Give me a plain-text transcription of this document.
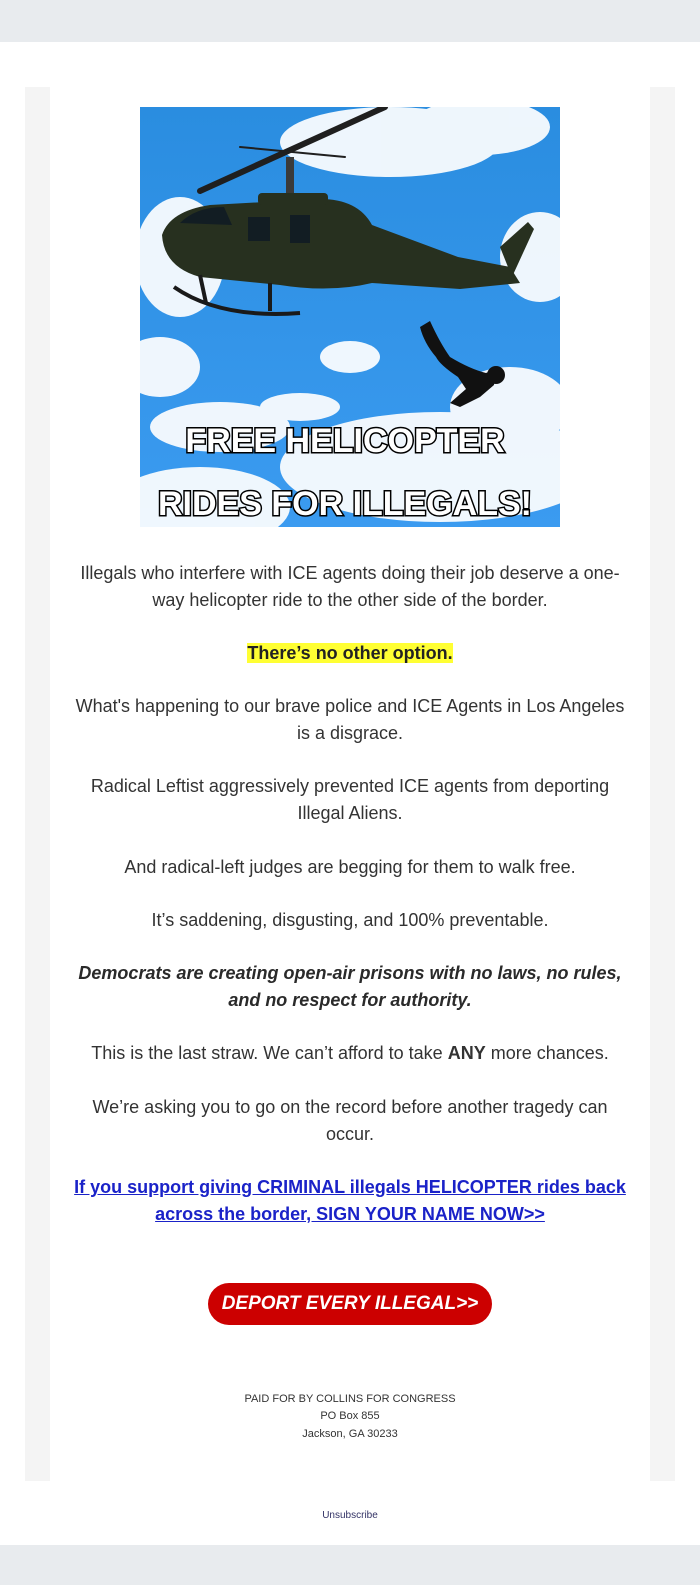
FREE HELICOPTER
RIDES FOR ILLEGALS!
Illegals who interfere with ICE agents doing their job deserve a one-way helicopter ride to the other side of the border.
There’s no other option.
What's happening to our brave police and ICE Agents in Los Angeles is a disgrace.
Radical Leftist aggressively prevented ICE agents from deporting Illegal Aliens.
And radical-left judges are begging for them to walk free.
It’s saddening, disgusting, and 100% preventable.
Democrats are creating open-air prisons with no laws, no rules, and no respect for authority.
This is the last straw. We can’t afford to take ANY more chances.
We’re asking you to go on the record before another tragedy can occur.
If you support giving CRIMINAL illegals HELICOPTER rides back across the border, SIGN YOUR NAME NOW>>
DEPORT EVERY ILLEGAL>>
PAID FOR BY COLLINS FOR CONGRESS
PO Box 855
Jackson, GA 30233
Unsubscribe
